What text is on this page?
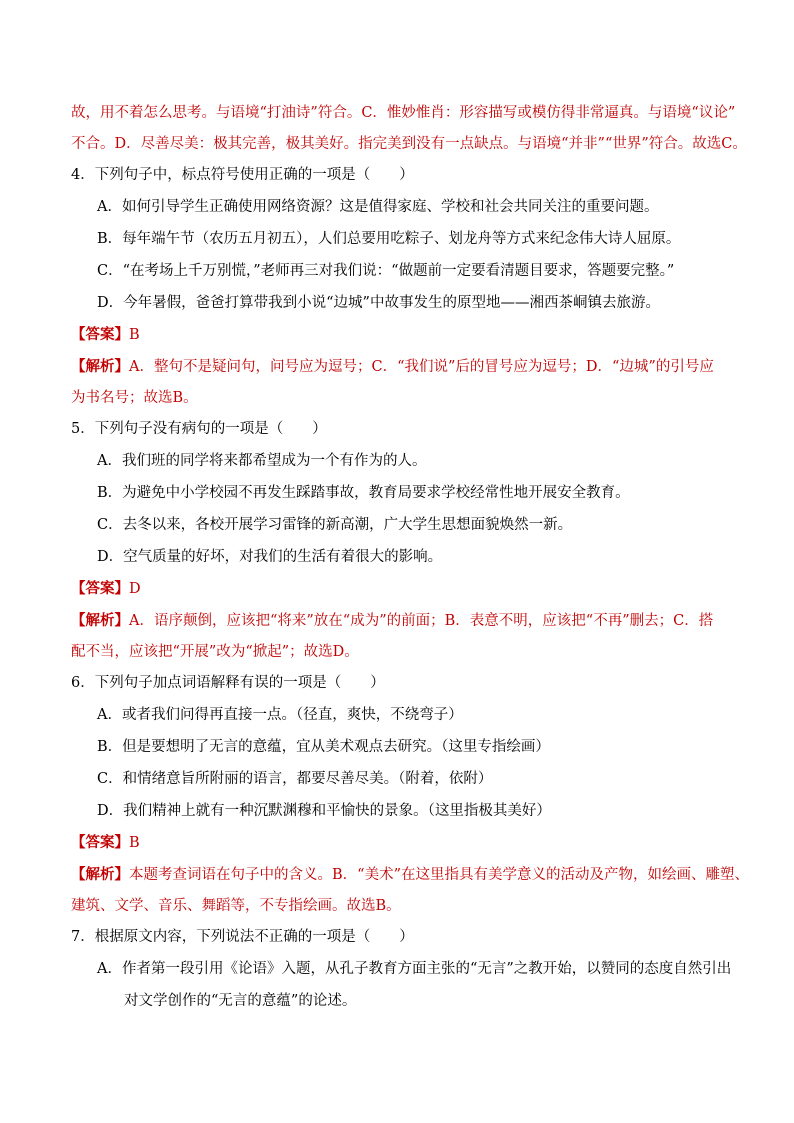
故，用不着怎么思考。与语境“打油诗”符合。C．惟妙惟肖：形容描写或模仿得非常逼真。与语境“议论”
不合。D．尽善尽美：极其完善，极其美好。指完美到没有一点缺点。与语境“并非”“世界”符合。故选C。
4．下列句子中，标点符号使用正确的一项是（　　）
A．如何引导学生正确使用网络资源？这是值得家庭、学校和社会共同关注的重要问题。
B．每年端午节（农历五月初五），人们总要用吃粽子、划龙舟等方式来纪念伟大诗人屈原。
C．“在考场上千万别慌，”老师再三对我们说：“做题前一定要看清题目要求，答题要完整。”
D．今年暑假，爸爸打算带我到小说“边城”中故事发生的原型地——湘西茶峒镇去旅游。
【答案】B
【解析】A．整句不是疑问句，问号应为逗号；C．“我们说”后的冒号应为逗号；D．“边城”的引号应
为书名号；故选B。
5．下列句子没有病句的一项是（　　）
A．我们班的同学将来都希望成为一个有作为的人。
B．为避免中小学校园不再发生踩踏事故，教育局要求学校经常性地开展安全教育。
C．去冬以来，各校开展学习雷锋的新高潮，广大学生思想面貌焕然一新。
D．空气质量的好坏，对我们的生活有着很大的影响。
【答案】D
【解析】A．语序颠倒，应该把“将来”放在“成为”的前面；B．表意不明，应该把“不再”删去；C．搭
配不当，应该把“开展”改为“掀起”；故选D。
6．下列句子加点词语解释有误的一项是（　　）
A．或者我们问得再直接一点。（径直，爽快，不绕弯子）
B．但是要想明了无言的意蕴，宜从美术观点去研究。（这里专指绘画）
C．和情绪意旨所附丽的语言，都要尽善尽美。（附着，依附）
D．我们精神上就有一种沉默渊穆和平愉快的景象。（这里指极其美好）
【答案】B
【解析】本题考查词语在句子中的含义。B．“美术”在这里指具有美学意义的活动及产物，如绘画、雕塑、
建筑、文学、音乐、舞蹈等，不专指绘画。故选B。
7．根据原文内容，下列说法不正确的一项是（　　）
A．作者第一段引用《论语》入题，从孔子教育方面主张的“无言”之教开始，以赞同的态度自然引出
对文学创作的“无言的意蕴”的论述。
